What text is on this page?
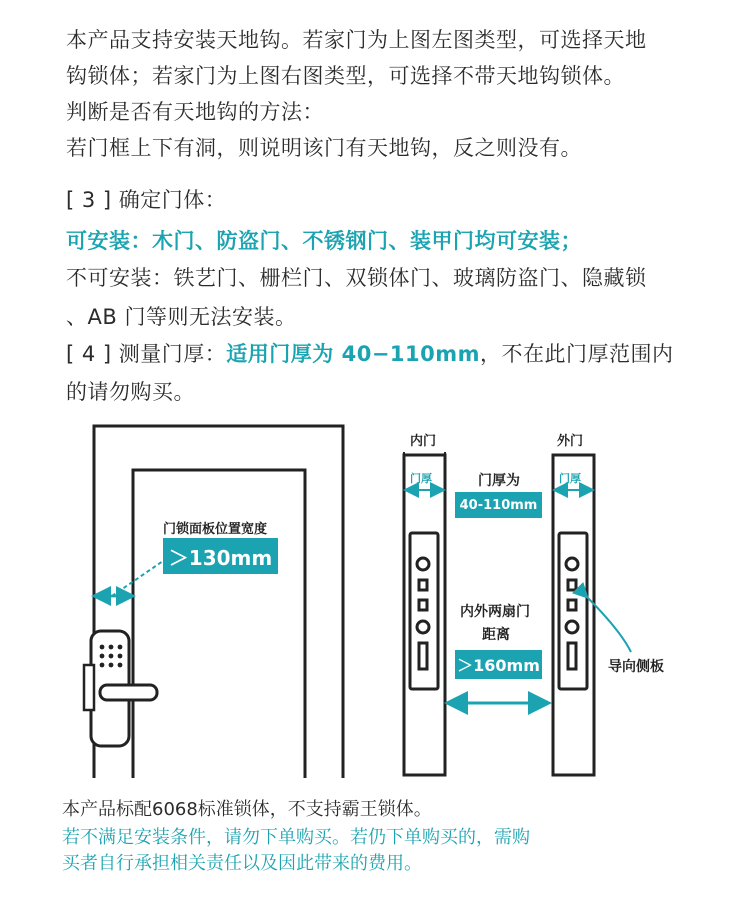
本产品支持安装天地钩。若家门为上图左图类型，可选择天地
钩锁体；若家门为上图右图类型，可选择不带天地钩锁体。
判断是否有天地钩的方法：
若门框上下有洞，则说明该门有天地钩，反之则没有。
[ 3 ] 确定门体：
可安装：木门、防盗门、不锈钢门、装甲门均可安装；
不可安装：铁艺门、栅栏门、双锁体门、玻璃防盗门、隐藏锁
、AB 门等则无法安装。
[ 4 ] 测量门厚：适用门厚为 40−110mm，不在此门厚范围内
的请勿购买。
门锁面板位置宽度
＞130mm
内门	外门
门厚	门厚
门厚为
40-110mm
内外两扇门
距离
＞160mm	导向侧板
本产品标配6068标准锁体，不支持霸王锁体。
若不满足安装条件，请勿下单购买。若仍下单购买的，需购
买者自行承担相关责任以及因此带来的费用。
